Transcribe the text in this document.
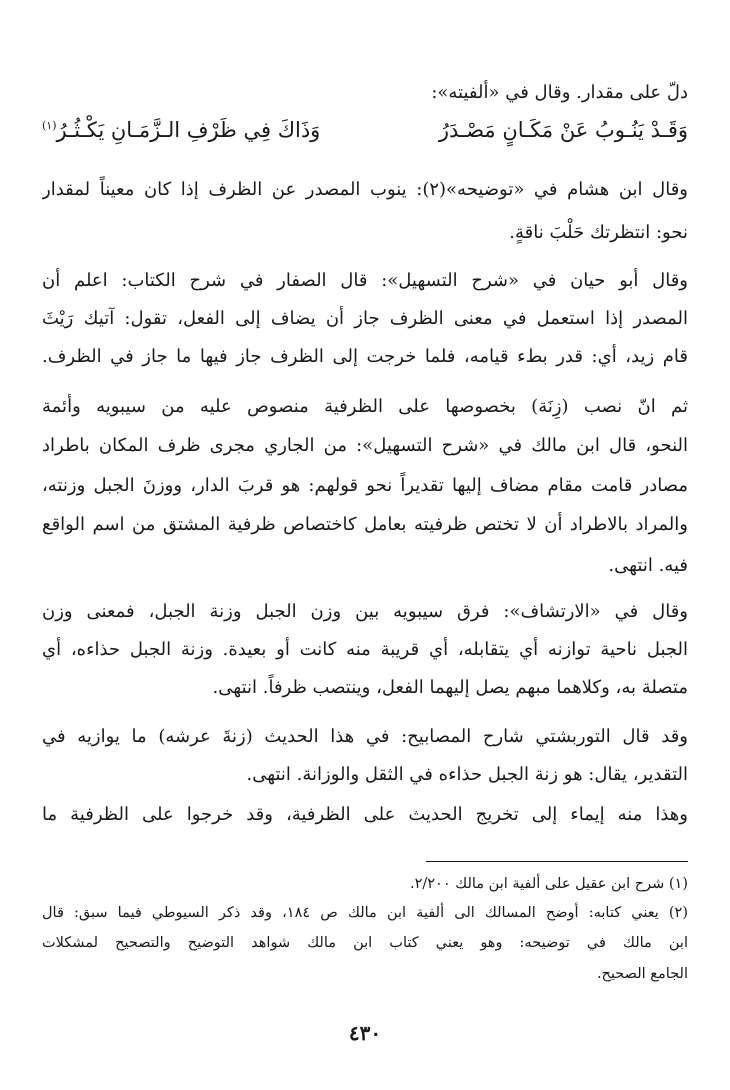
دلّ على مقدار. وقال في «ألفيته»:
وَقَـدْ يَنُـوبُ عَنْ مَكَـانٍ مَصْـدَرُ
وَذَاكَ فِي ظَرْفِ الـزَّمَـانِ يَكْـثُـرُ$^{(١)}$
وقال ابن هشام في «توضيحه»(٢): ينوب المصدر عن الظرف إذا كان معيناً لمقدار
نحو: انتظرتك حَلْبَ ناقةٍ.
وقال أبو حيان في «شرح التسهيل»: قال الصفار في شرح الكتاب: اعلم أن
المصدر إذا استعمل في معنى الظرف جاز أن يضاف إلى الفعل، تقول: آتيك رَيْثَ
قام زيد، أي: قدر بطء قيامه، فلما خرجت إلى الظرف جاز فيها ما جاز في الظرف.
ثم انّ نصب (زِنَة) بخصوصها على الظرفية منصوص عليه من سيبويه وأئمة
النحو، قال ابن مالك في «شرح التسهيل»: من الجاري مجرى ظرف المكان باطراد
مصادر قامت مقام مضاف إليها تقديراً نحو قولهم: هو قربَ الدار، ووزنَ الجبل وزنته،
والمراد بالاطراد أن لا تختص ظرفيته بعامل كاختصاص ظرفية المشتق من اسم الواقع
فيه. انتهى.
وقال في «الارتشاف»: فرق سيبويه بين وزن الجبل وزنة الجبل، فمعنى وزن
الجبل ناحية توازنه أي يتقابله، أي قريبة منه كانت أو بعيدة. وزنة الجبل حذاءه، أي
متصلة به، وكلاهما مبهم يصل إليهما الفعل، وينتصب ظرفاً. انتهى.
وقد قال التوربشتي شارح المصابيح: في هذا الحديث (زنةَ عرشه) ما يوازيه في
التقدير، يقال: هو زنة الجبل حذاءه في الثقل والوزانة. انتهى.
وهذا منه إيماء إلى تخريج الحديث على الظرفية، وقد خرجوا على الظرفية ما
(١) شرح ابن عقيل على ألفية ابن مالك ٢/٢٠٠.
(٢) يعني كتابه: أوضح المسالك الى ألفية ابن مالك ص ١٨٤، وقد ذكر السيوطي فيما سبق: قال
ابن مالك في توضيحه: وهو يعني كتاب ابن مالك شواهد التوضيح والتصحيح لمشكلات
الجامع الصحيح.
٤٣٠
